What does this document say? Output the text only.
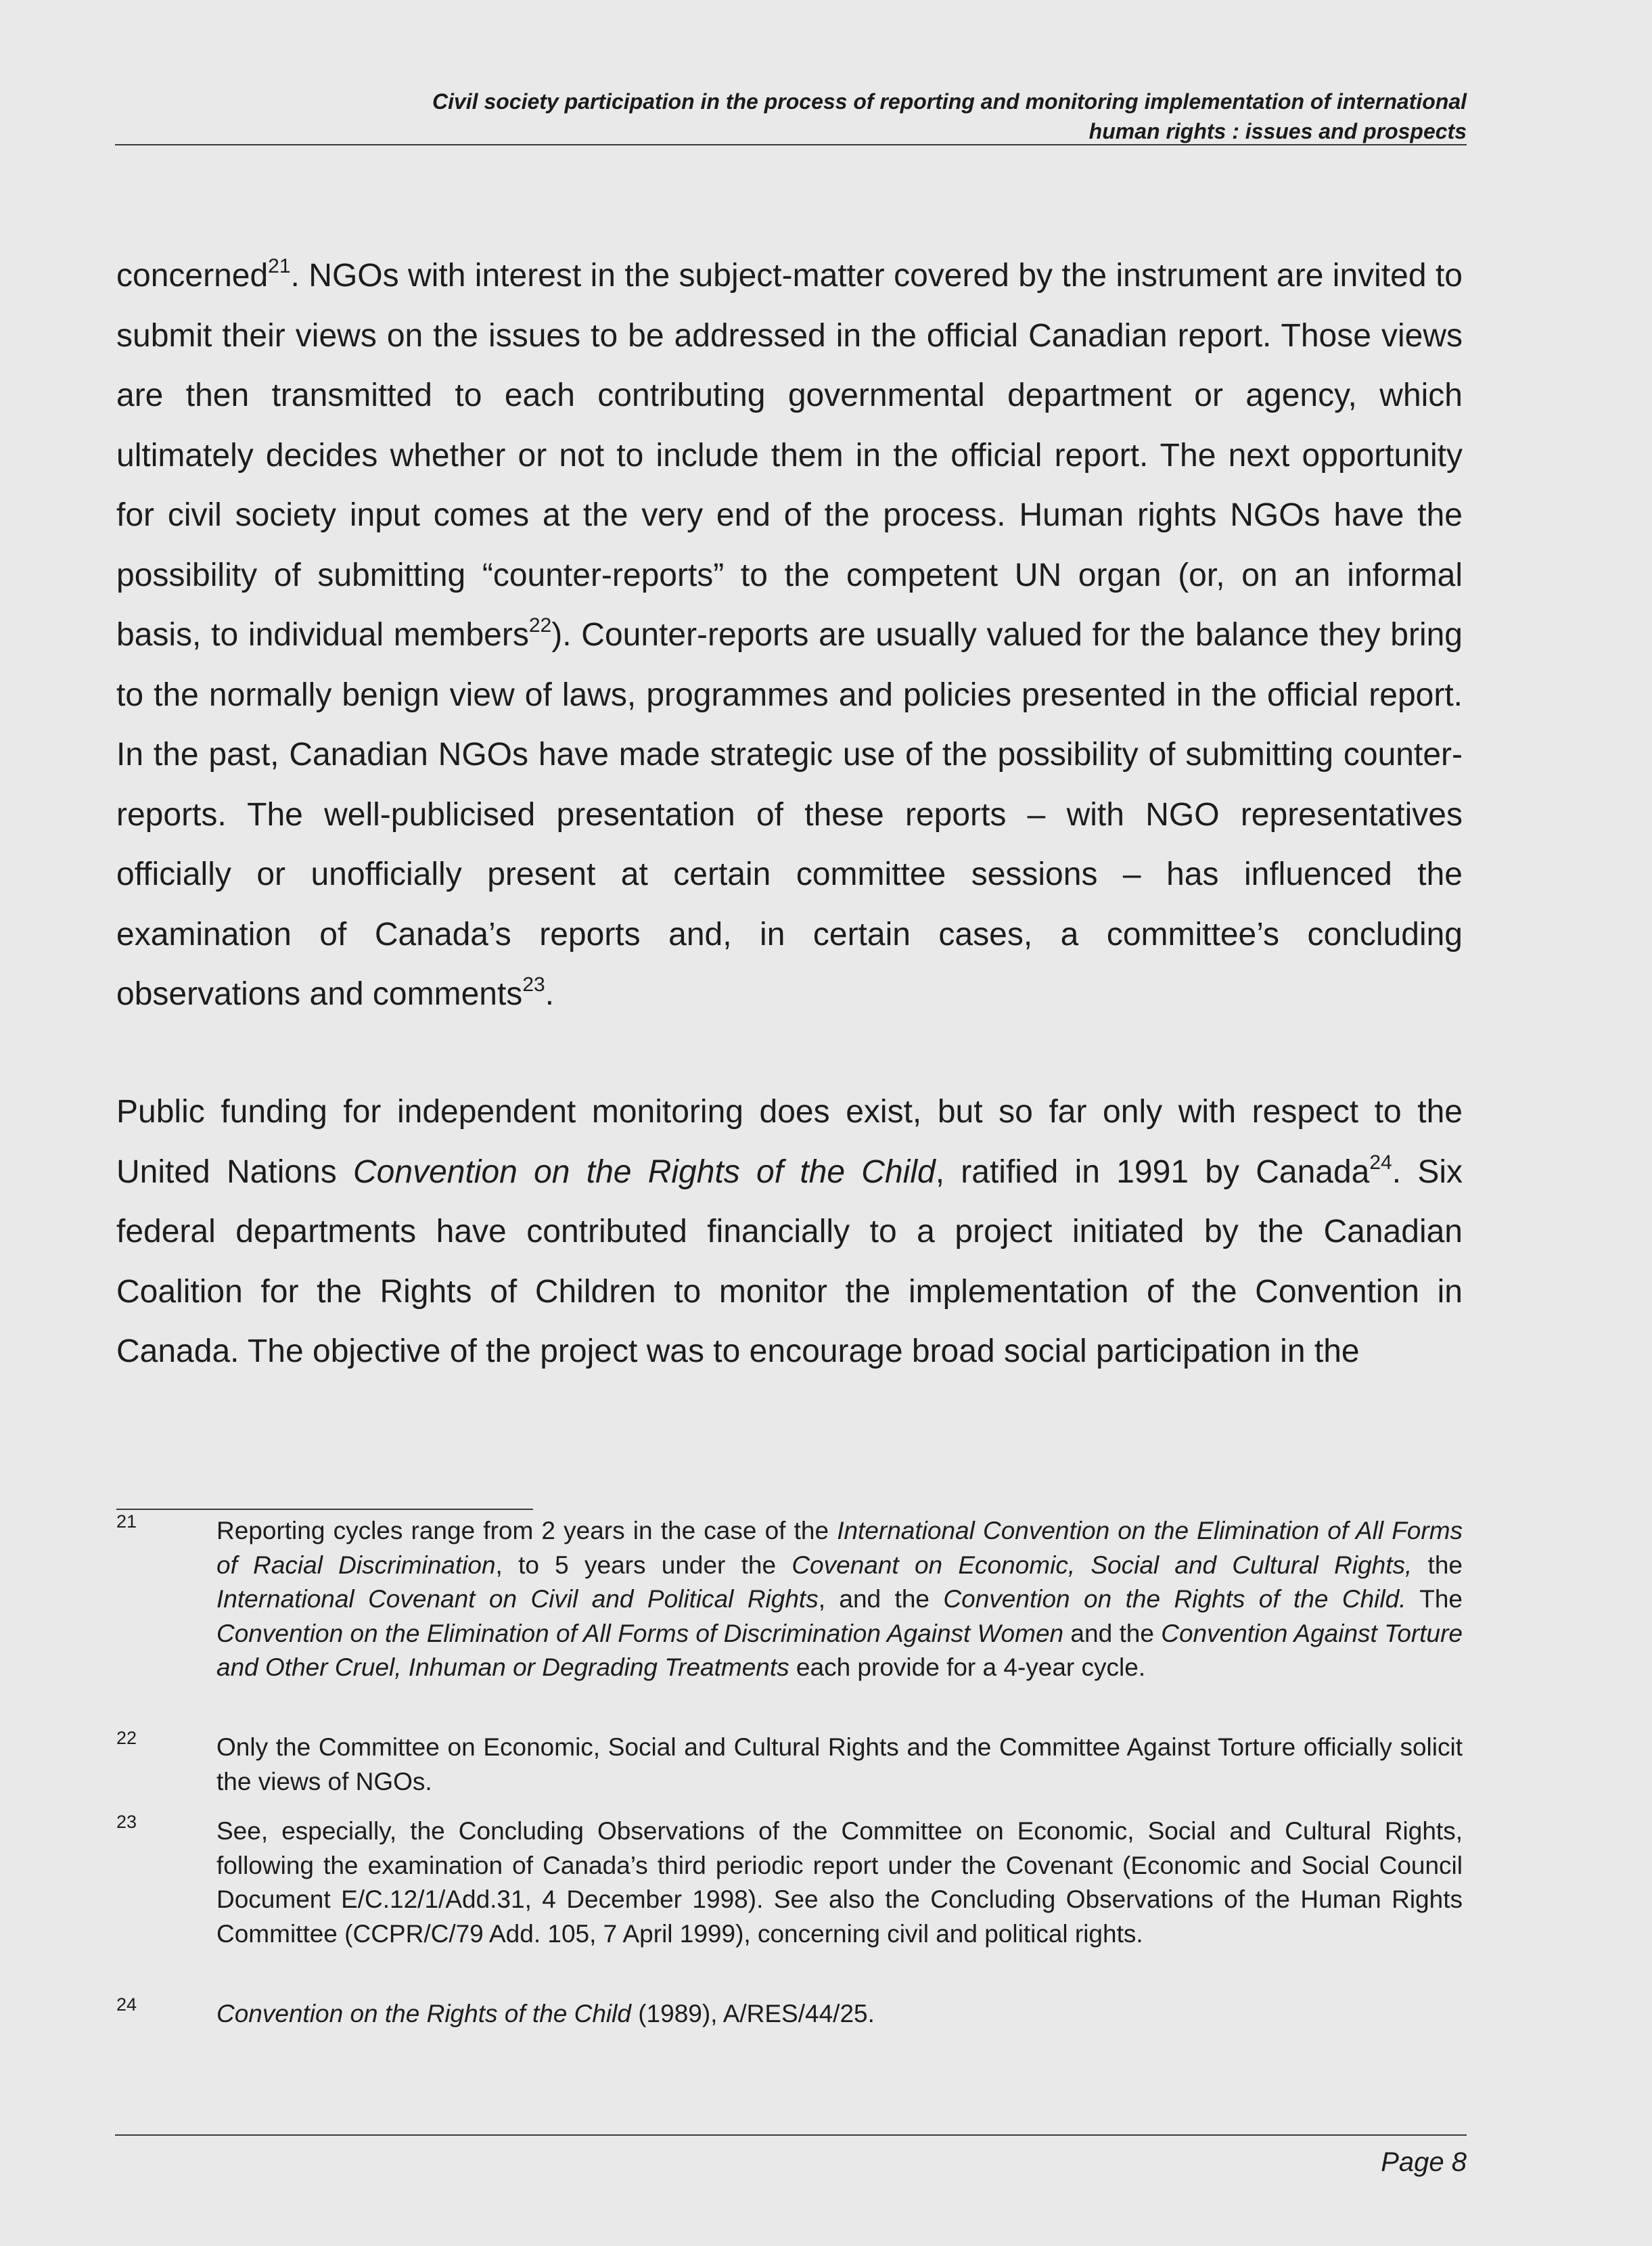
Civil society participation in the process of reporting and monitoring implementation of international
human rights : issues and prospects
concerned$^{21}$. NGOs with interest in the subject-matter covered by the instrument are invited to submit their views on the issues to be addressed in the official Canadian report. Those views are then transmitted to each contributing governmental department or agency, which ultimately decides whether or not to include them in the official report. The next opportunity for civil society input comes at the very end of the process. Human rights NGOs have the possibility of submitting “counter-reports” to the competent UN organ (or, on an informal basis, to individual members$^{22}$). Counter-reports are usually valued for the balance they bring to the normally benign view of laws, programmes and policies presented in the official report. In the past, Canadian NGOs have made strategic use of the possibility of submitting counter-reports. The well-publicised presentation of these reports – with NGO representatives officially or unofficially present at certain committee sessions – has influenced the examination of Canada’s reports and, in certain cases, a committee’s concluding observations and comments$^{23}$.
Public funding for independent monitoring does exist, but so far only with respect to the United Nations Convention on the Rights of the Child, ratified in 1991 by Canada$^{24}$. Six federal departments have contributed financially to a project initiated by the Canadian Coalition for the Rights of Children to monitor the implementation of the Convention in Canada. The objective of the project was to encourage broad social participation in the
21	Reporting cycles range from 2 years in the case of the International Convention on the Elimination of All Forms of Racial Discrimination, to 5 years under the Covenant on Economic, Social and Cultural Rights, the International Covenant on Civil and Political Rights, and the Convention on the Rights of the Child. The Convention on the Elimination of All Forms of Discrimination Against Women and the Convention Against Torture and Other Cruel, Inhuman or Degrading Treatments each provide for a 4-year cycle.
22	Only the Committee on Economic, Social and Cultural Rights and the Committee Against Torture officially solicit the views of NGOs.
23	See, especially, the Concluding Observations of the Committee on Economic, Social and Cultural Rights, following the examination of Canada’s third periodic report under the Covenant (Economic and Social Council Document E/C.12/1/Add.31, 4 December 1998). See also the Concluding Observations of the Human Rights Committee (CCPR/C/79 Add. 105, 7 April 1999), concerning civil and political rights.
24	Convention on the Rights of the Child (1989), A/RES/44/25.
Page 8
